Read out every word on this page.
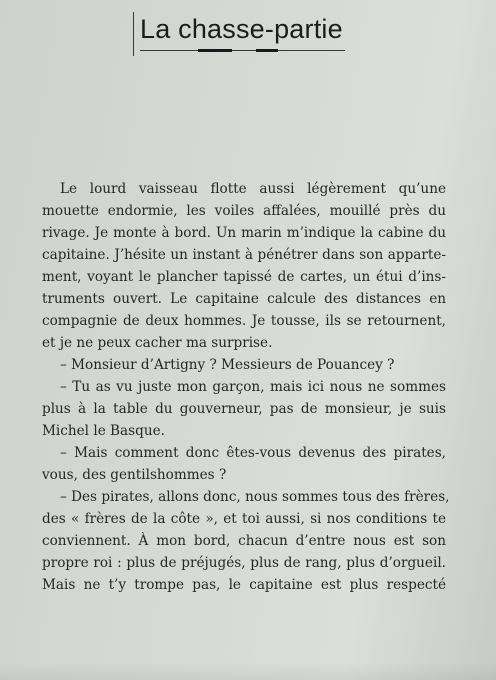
La chasse-partie
Le lourd vaisseau flotte aussi légèrement qu’une
mouette endormie, les voiles affalées, mouillé près du
rivage. Je monte à bord. Un marin m’indique la cabine du
capitaine. J’hésite un instant à pénétrer dans son apparte-
ment, voyant le plancher tapissé de cartes, un étui d’ins-
truments ouvert. Le capitaine calcule des distances en
compagnie de deux hommes. Je tousse, ils se retournent,
et je ne peux cacher ma surprise.
– Monsieur d’Artigny ? Messieurs de Pouancey ?
– Tu as vu juste mon garçon, mais ici nous ne sommes
plus à la table du gouverneur, pas de monsieur, je suis
Michel le Basque.
– Mais comment donc êtes-vous devenus des pirates,
vous, des gentilshommes ?
– Des pirates, allons donc, nous sommes tous des frères,
des « frères de la côte », et toi aussi, si nos conditions te
conviennent. À mon bord, chacun d’entre nous est son
propre roi : plus de préjugés, plus de rang, plus d’orgueil.
Mais ne t’y trompe pas, le capitaine est plus respecté
